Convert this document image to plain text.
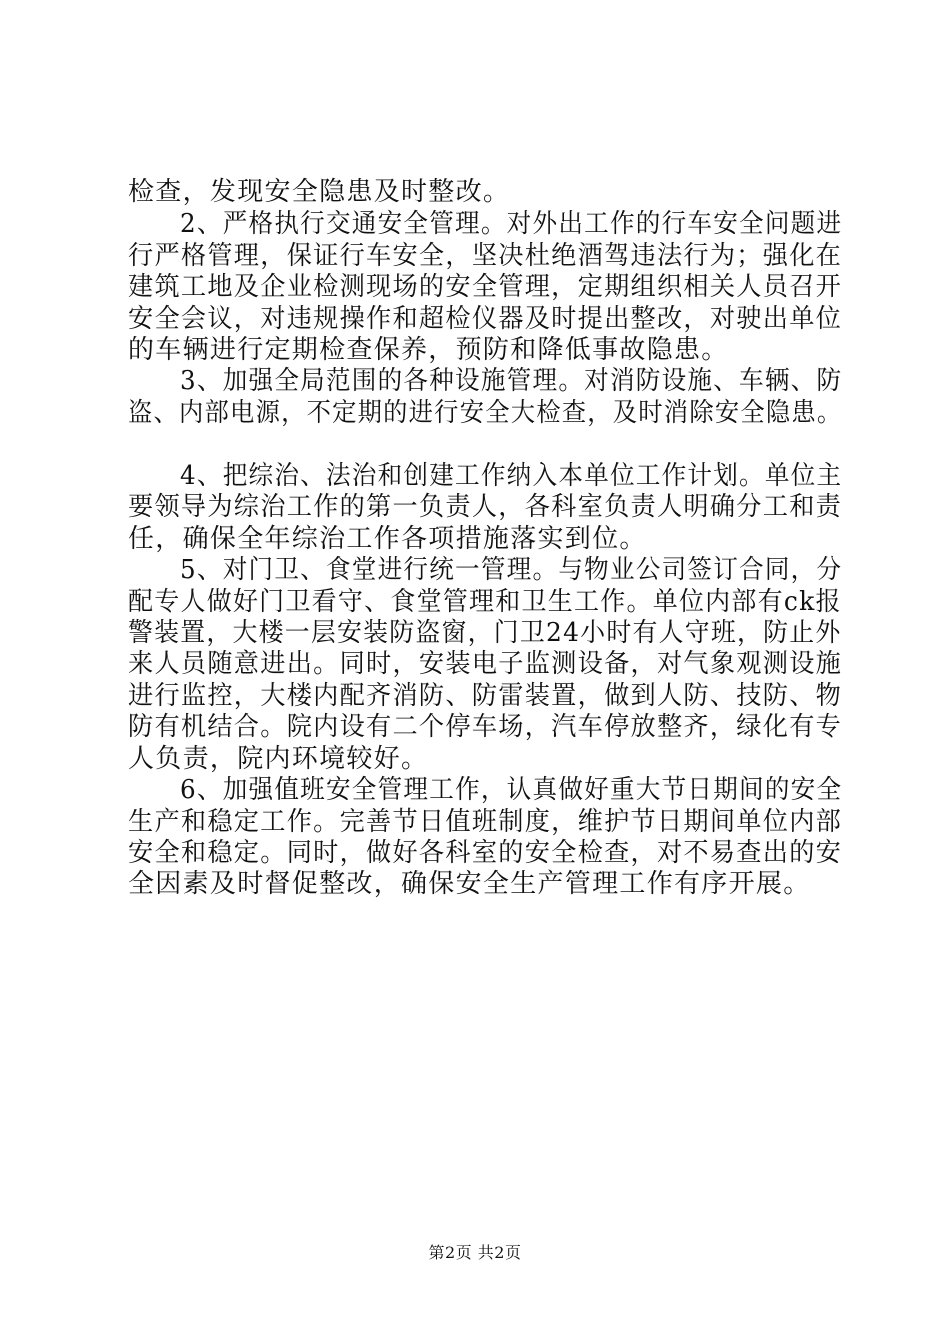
检查，发现安全隐患及时整改。
2、严格执行交通安全管理。对外出工作的行车安全问题进
行严格管理，保证行车安全，坚决杜绝酒驾违法行为；强化在
建筑工地及企业检测现场的安全管理，定期组织相关人员召开
安全会议，对违规操作和超检仪器及时提出整改，对驶出单位
的车辆进行定期检查保养，预防和降低事故隐患。
3、加强全局范围的各种设施管理。对消防设施、车辆、防
盗、内部电源，不定期的进行安全大检查，及时消除安全隐患。
4、把综治、法治和创建工作纳入本单位工作计划。单位主
要领导为综治工作的第一负责人，各科室负责人明确分工和责
任，确保全年综治工作各项措施落实到位。
5、对门卫、食堂进行统一管理。与物业公司签订合同，分
配专人做好门卫看守、食堂管理和卫生工作。单位内部有ck报
警装置，大楼一层安装防盗窗，门卫24小时有人守班，防止外
来人员随意进出。同时，安装电子监测设备，对气象观测设施
进行监控，大楼内配齐消防、防雷装置，做到人防、技防、物
防有机结合。院内设有二个停车场，汽车停放整齐，绿化有专
人负责，院内环境较好。
6、加强值班安全管理工作，认真做好重大节日期间的安全
生产和稳定工作。完善节日值班制度，维护节日期间单位内部
安全和稳定。同时，做好各科室的安全检查，对不易查出的安
全因素及时督促整改，确保安全生产管理工作有序开展。
第2页 共2页
